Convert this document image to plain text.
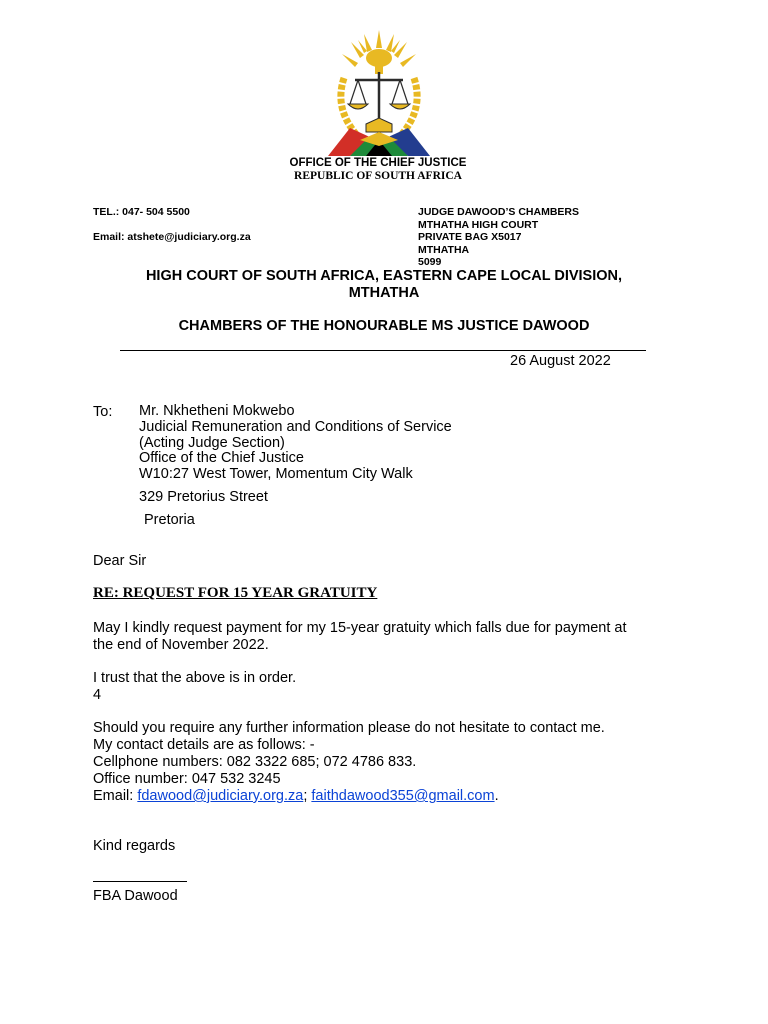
OFFICE OF THE CHIEF JUSTICE
REPUBLIC OF SOUTH AFRICA
TEL.: 047- 504 5500
Email: atshete@judiciary.org.za
JUDGE DAWOOD’S CHAMBERS
MTHATHA HIGH COURT
PRIVATE BAG X5017
MTHATHA
5099
HIGH COURT OF SOUTH AFRICA, EASTERN CAPE LOCAL DIVISION,
MTHATHA
CHAMBERS OF THE HONOURABLE MS JUSTICE DAWOOD
26 August 2022
To: Mr. Nkhetheni Mokwebo
Judicial Remuneration and Conditions of Service
(Acting Judge Section)
Office of the Chief Justice
W10:27 West Tower, Momentum City Walk
329 Pretorius Street
Pretoria
Dear Sir
RE: REQUEST FOR 15 YEAR GRATUITY
May I kindly request payment for my 15-year gratuity which falls due for payment at
the end of November 2022.
I trust that the above is in order.
4
Should you require any further information please do not hesitate to contact me.
My contact details are as follows: -
Cellphone numbers: 082 3322 685; 072 4786 833.
Office number: 047 532 3245
Email: fdawood@judiciary.org.za; faithdawood355@gmail.com.
Kind regards
FBA Dawood
